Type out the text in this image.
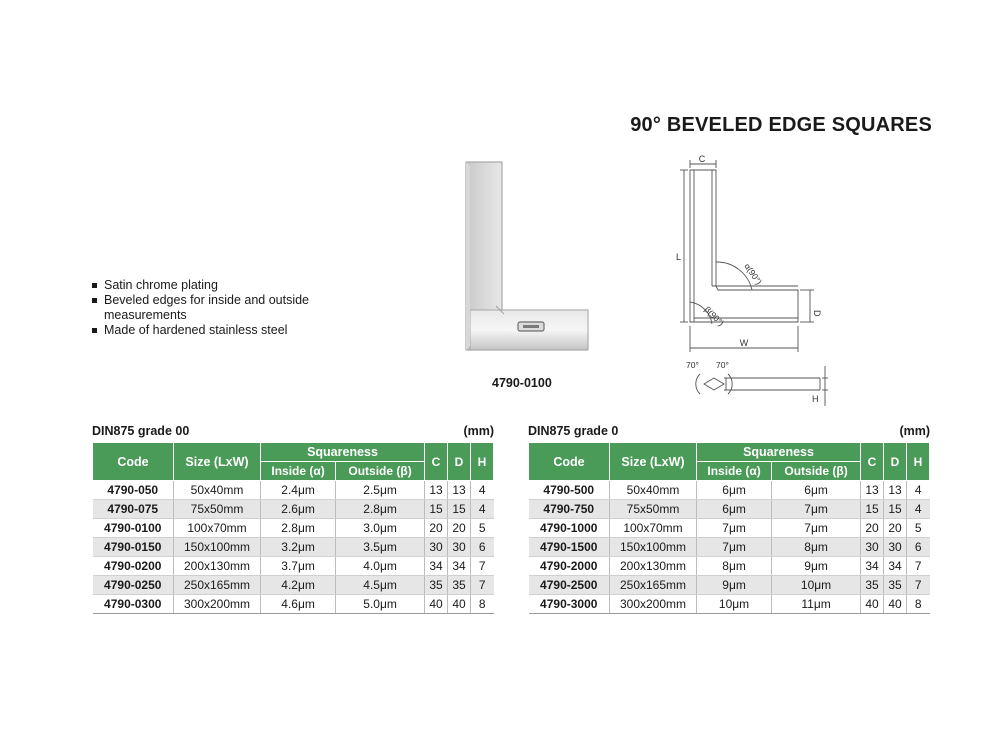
90° BEVELED EDGE SQUARES
Satin chrome plating
Beveled edges for inside and outside measurements
Made of hardened stainless steel
4790-0100
C
L
W
D
α(90°)
β(90°)
70° 70°
H
DIN875 grade 00	(mm)
Code	Size (LxW)	Squareness		C	D	H
		Inside (α)	Outside (β)			
4790-050	50x40mm	2.4μm	2.5μm	13	13	4
4790-075	75x50mm	2.6μm	2.8μm	15	15	4
4790-0100	100x70mm	2.8μm	3.0μm	20	20	5
4790-0150	150x100mm	3.2μm	3.5μm	30	30	6
4790-0200	200x130mm	3.7μm	4.0μm	34	34	7
4790-0250	250x165mm	4.2μm	4.5μm	35	35	7
4790-0300	300x200mm	4.6μm	5.0μm	40	40	8
DIN875 grade 0	(mm)
Code	Size (LxW)	Squareness		C	D	H
		Inside (α)	Outside (β)			
4790-500	50x40mm	6μm	6μm	13	13	4
4790-750	75x50mm	6μm	7μm	15	15	4
4790-1000	100x70mm	7μm	7μm	20	20	5
4790-1500	150x100mm	7μm	8μm	30	30	6
4790-2000	200x130mm	8μm	9μm	34	34	7
4790-2500	250x165mm	9μm	10μm	35	35	7
4790-3000	300x200mm	10μm	11μm	40	40	8
